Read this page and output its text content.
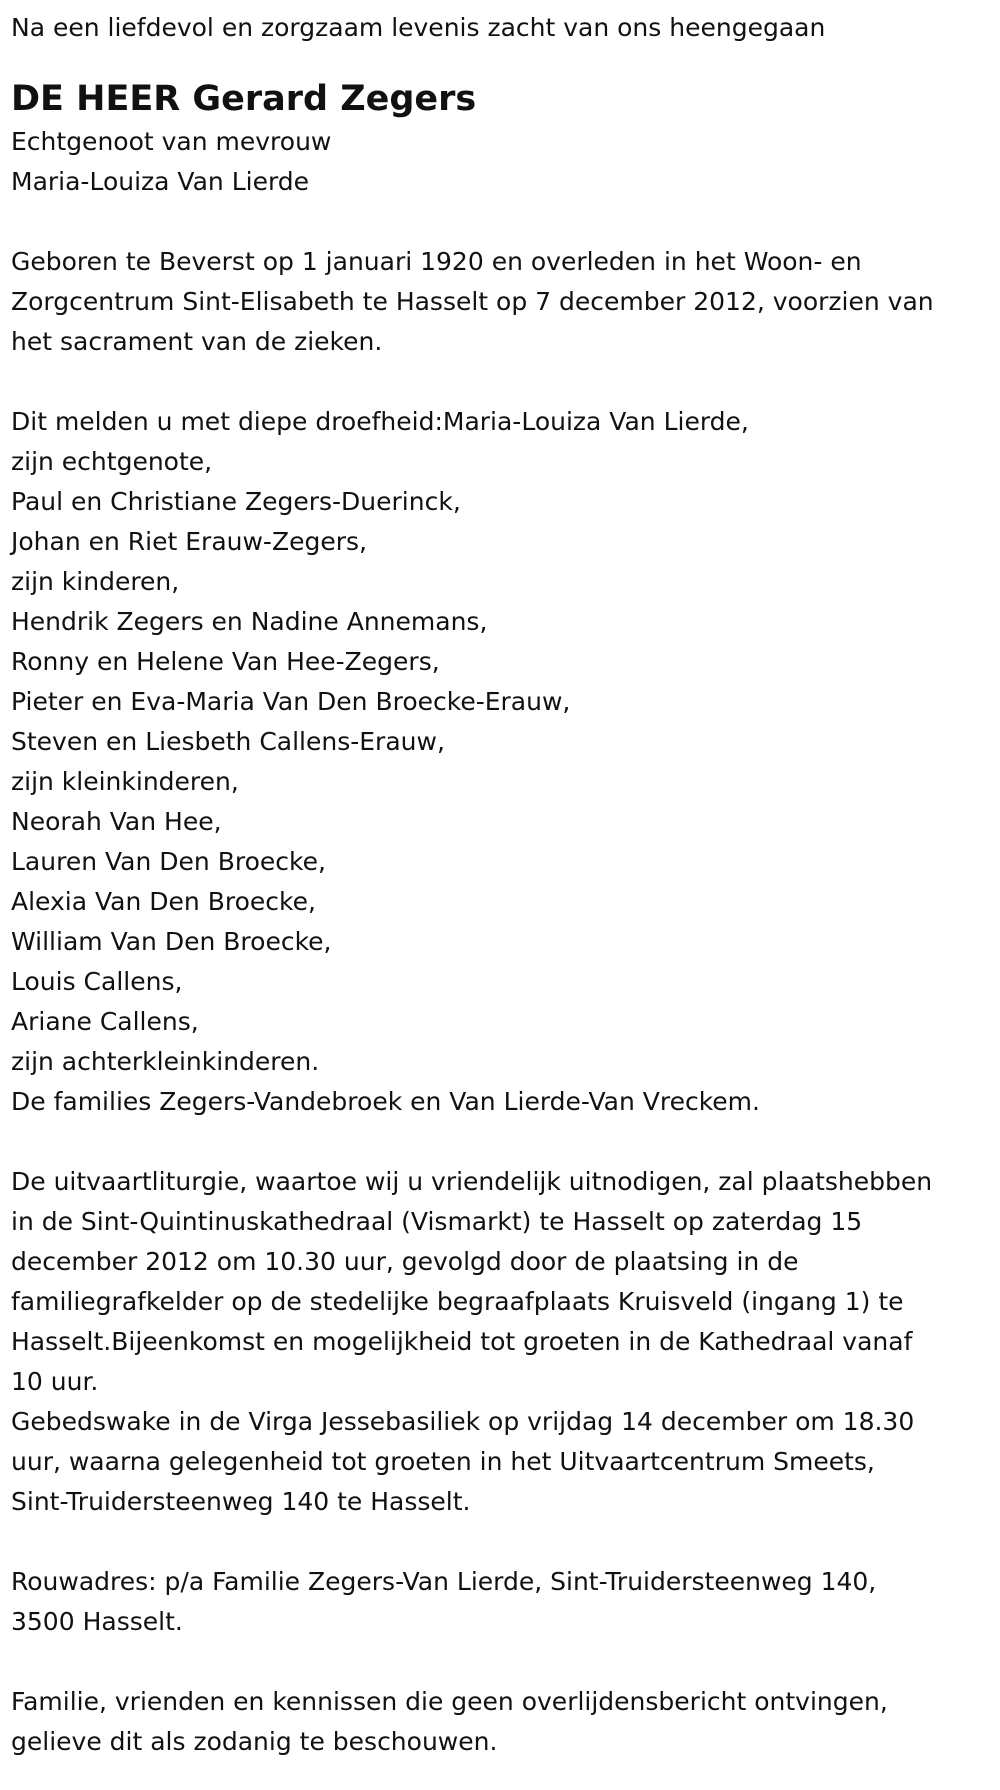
Na een liefdevol en zorgzaam levenis zacht van ons heengegaan
DE HEER Gerard Zegers
Echtgenoot van mevrouw
Maria-Louiza Van Lierde
Geboren te Beverst op 1 januari 1920 en overleden in het Woon- en
Zorgcentrum Sint-Elisabeth te Hasselt op 7 december 2012, voorzien van
het sacrament van de zieken.
Dit melden u met diepe droefheid:Maria-Louiza Van Lierde,
zijn echtgenote,
Paul en Christiane Zegers-Duerinck,
Johan en Riet Erauw-Zegers,
zijn kinderen,
Hendrik Zegers en Nadine Annemans,
Ronny en Helene Van Hee-Zegers,
Pieter en Eva-Maria Van Den Broecke-Erauw,
Steven en Liesbeth Callens-Erauw,
zijn kleinkinderen,
Neorah Van Hee,
Lauren Van Den Broecke,
Alexia Van Den Broecke,
William Van Den Broecke,
Louis Callens,
Ariane Callens,
zijn achterkleinkinderen.
De families Zegers-Vandebroek en Van Lierde-Van Vreckem.
De uitvaartliturgie, waartoe wij u vriendelijk uitnodigen, zal plaatshebben
in de Sint-Quintinuskathedraal (Vismarkt) te Hasselt op zaterdag 15
december 2012 om 10.30 uur, gevolgd door de plaatsing in de
familiegrafkelder op de stedelijke begraafplaats Kruisveld (ingang 1) te
Hasselt.Bijeenkomst en mogelijkheid tot groeten in de Kathedraal vanaf
10 uur.
Gebedswake in de Virga Jessebasiliek op vrijdag 14 december om 18.30
uur, waarna gelegenheid tot groeten in het Uitvaartcentrum Smeets,
Sint-Truidersteenweg 140 te Hasselt.
Rouwadres: p/a Familie Zegers-Van Lierde, Sint-Truidersteenweg 140,
3500 Hasselt.
Familie, vrienden en kennissen die geen overlijdensbericht ontvingen,
gelieve dit als zodanig te beschouwen.
